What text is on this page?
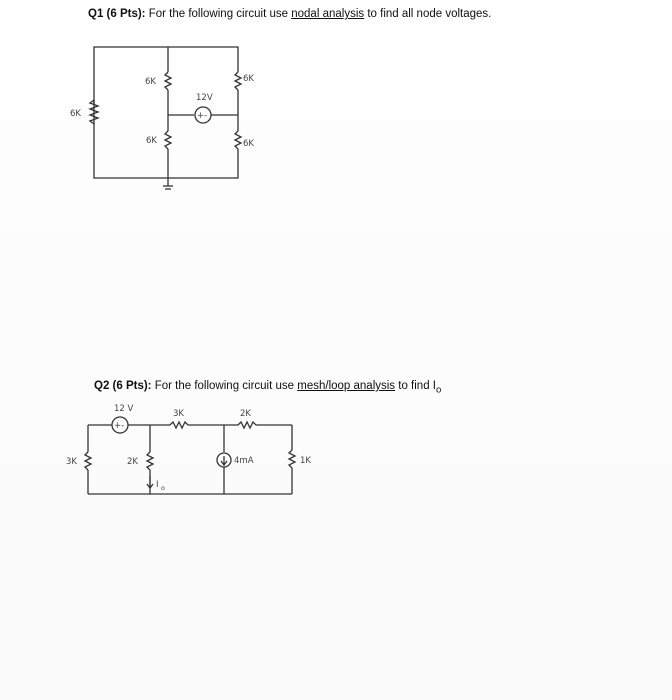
Q1 (6 Pts): For the following circuit use nodal analysis to find all node voltages.
+-
6K
6K
6K
6K
6K
12V
Q2 (6 Pts): For the following circuit use mesh/loop analysis to find $I_o$
+-
12 V
3K	2K
3K	2K
4mA	1K
I o
